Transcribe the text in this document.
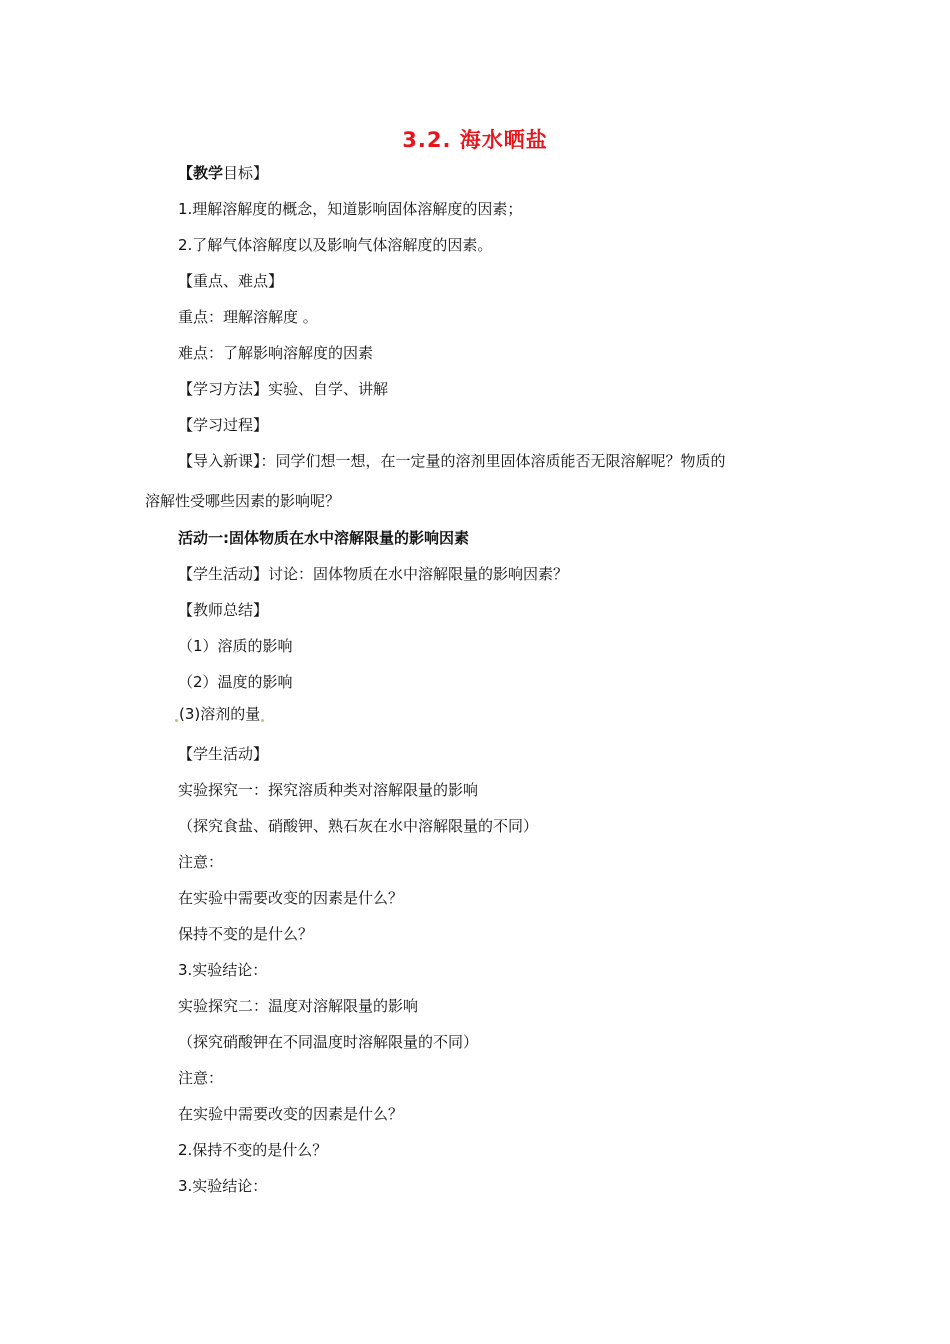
3.2. 海水晒盐
【教学目标】
1.理解溶解度的概念，知道影响固体溶解度的因素；
2.了解气体溶解度以及影响气体溶解度的因素。
【重点、难点】
重点：理解溶解度 。
难点：了解影响溶解度的因素
【学习方法】实验、自学、讲解
【学习过程】
【导入新课】：同学们想一想，在一定量的溶剂里固体溶质能否无限溶解呢？物质的
溶解性受哪些因素的影响呢？
活动一:固体物质在水中溶解限量的影响因素
【学生活动】讨论：固体物质在水中溶解限量的影响因素？
【教师总结】
（1）溶质的影响
（2）温度的影响
(3)溶剂的量
【学生活动】
实验探究一：探究溶质种类对溶解限量的影响
（探究食盐、硝酸钾、熟石灰在水中溶解限量的不同）
注意：
在实验中需要改变的因素是什么？
保持不变的是什么？
3.实验结论：
实验探究二：温度对溶解限量的影响
（探究硝酸钾在不同温度时溶解限量的不同）
注意：
在实验中需要改变的因素是什么？
2.保持不变的是什么？
3.实验结论：
